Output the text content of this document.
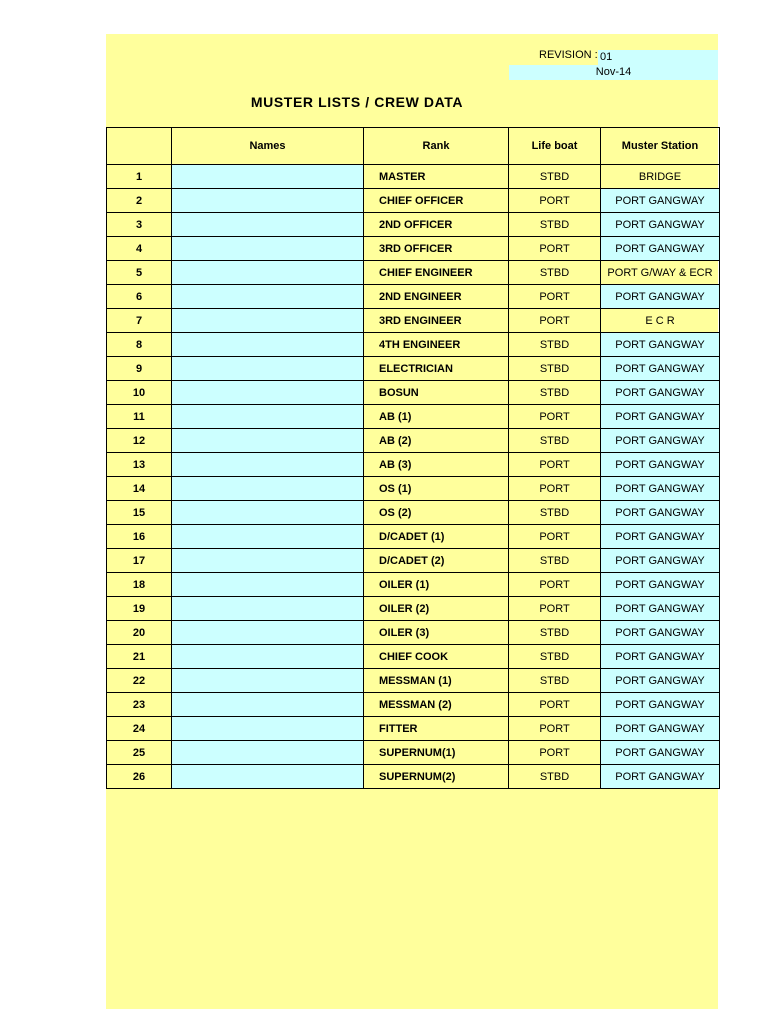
REVISION : 01
Nov-14
MUSTER LISTS / CREW DATA
	Names	Rank	Life boat	Muster Station
1		MASTER	STBD	BRIDGE
2		CHIEF OFFICER	PORT	PORT GANGWAY
3		2ND OFFICER	STBD	PORT GANGWAY
4		3RD OFFICER	PORT	PORT GANGWAY
5		CHIEF ENGINEER	STBD	PORT G/WAY & ECR
6		2ND ENGINEER	PORT	PORT GANGWAY
7		3RD ENGINEER	PORT	E C R
8		4TH ENGINEER	STBD	PORT GANGWAY
9		ELECTRICIAN	STBD	PORT GANGWAY
10		BOSUN	STBD	PORT GANGWAY
11		AB (1)	PORT	PORT GANGWAY
12		AB (2)	STBD	PORT GANGWAY
13		AB (3)	PORT	PORT GANGWAY
14		OS (1)	PORT	PORT GANGWAY
15		OS (2)	STBD	PORT GANGWAY
16		D/CADET (1)	PORT	PORT GANGWAY
17		D/CADET (2)	STBD	PORT GANGWAY
18		OILER (1)	PORT	PORT GANGWAY
19		OILER (2)	PORT	PORT GANGWAY
20		OILER (3)	STBD	PORT GANGWAY
21		CHIEF COOK	STBD	PORT GANGWAY
22		MESSMAN (1)	STBD	PORT GANGWAY
23		MESSMAN (2)	PORT	PORT GANGWAY
24		FITTER	PORT	PORT GANGWAY
25		SUPERNUM(1)	PORT	PORT GANGWAY
26		SUPERNUM(2)	STBD	PORT GANGWAY
